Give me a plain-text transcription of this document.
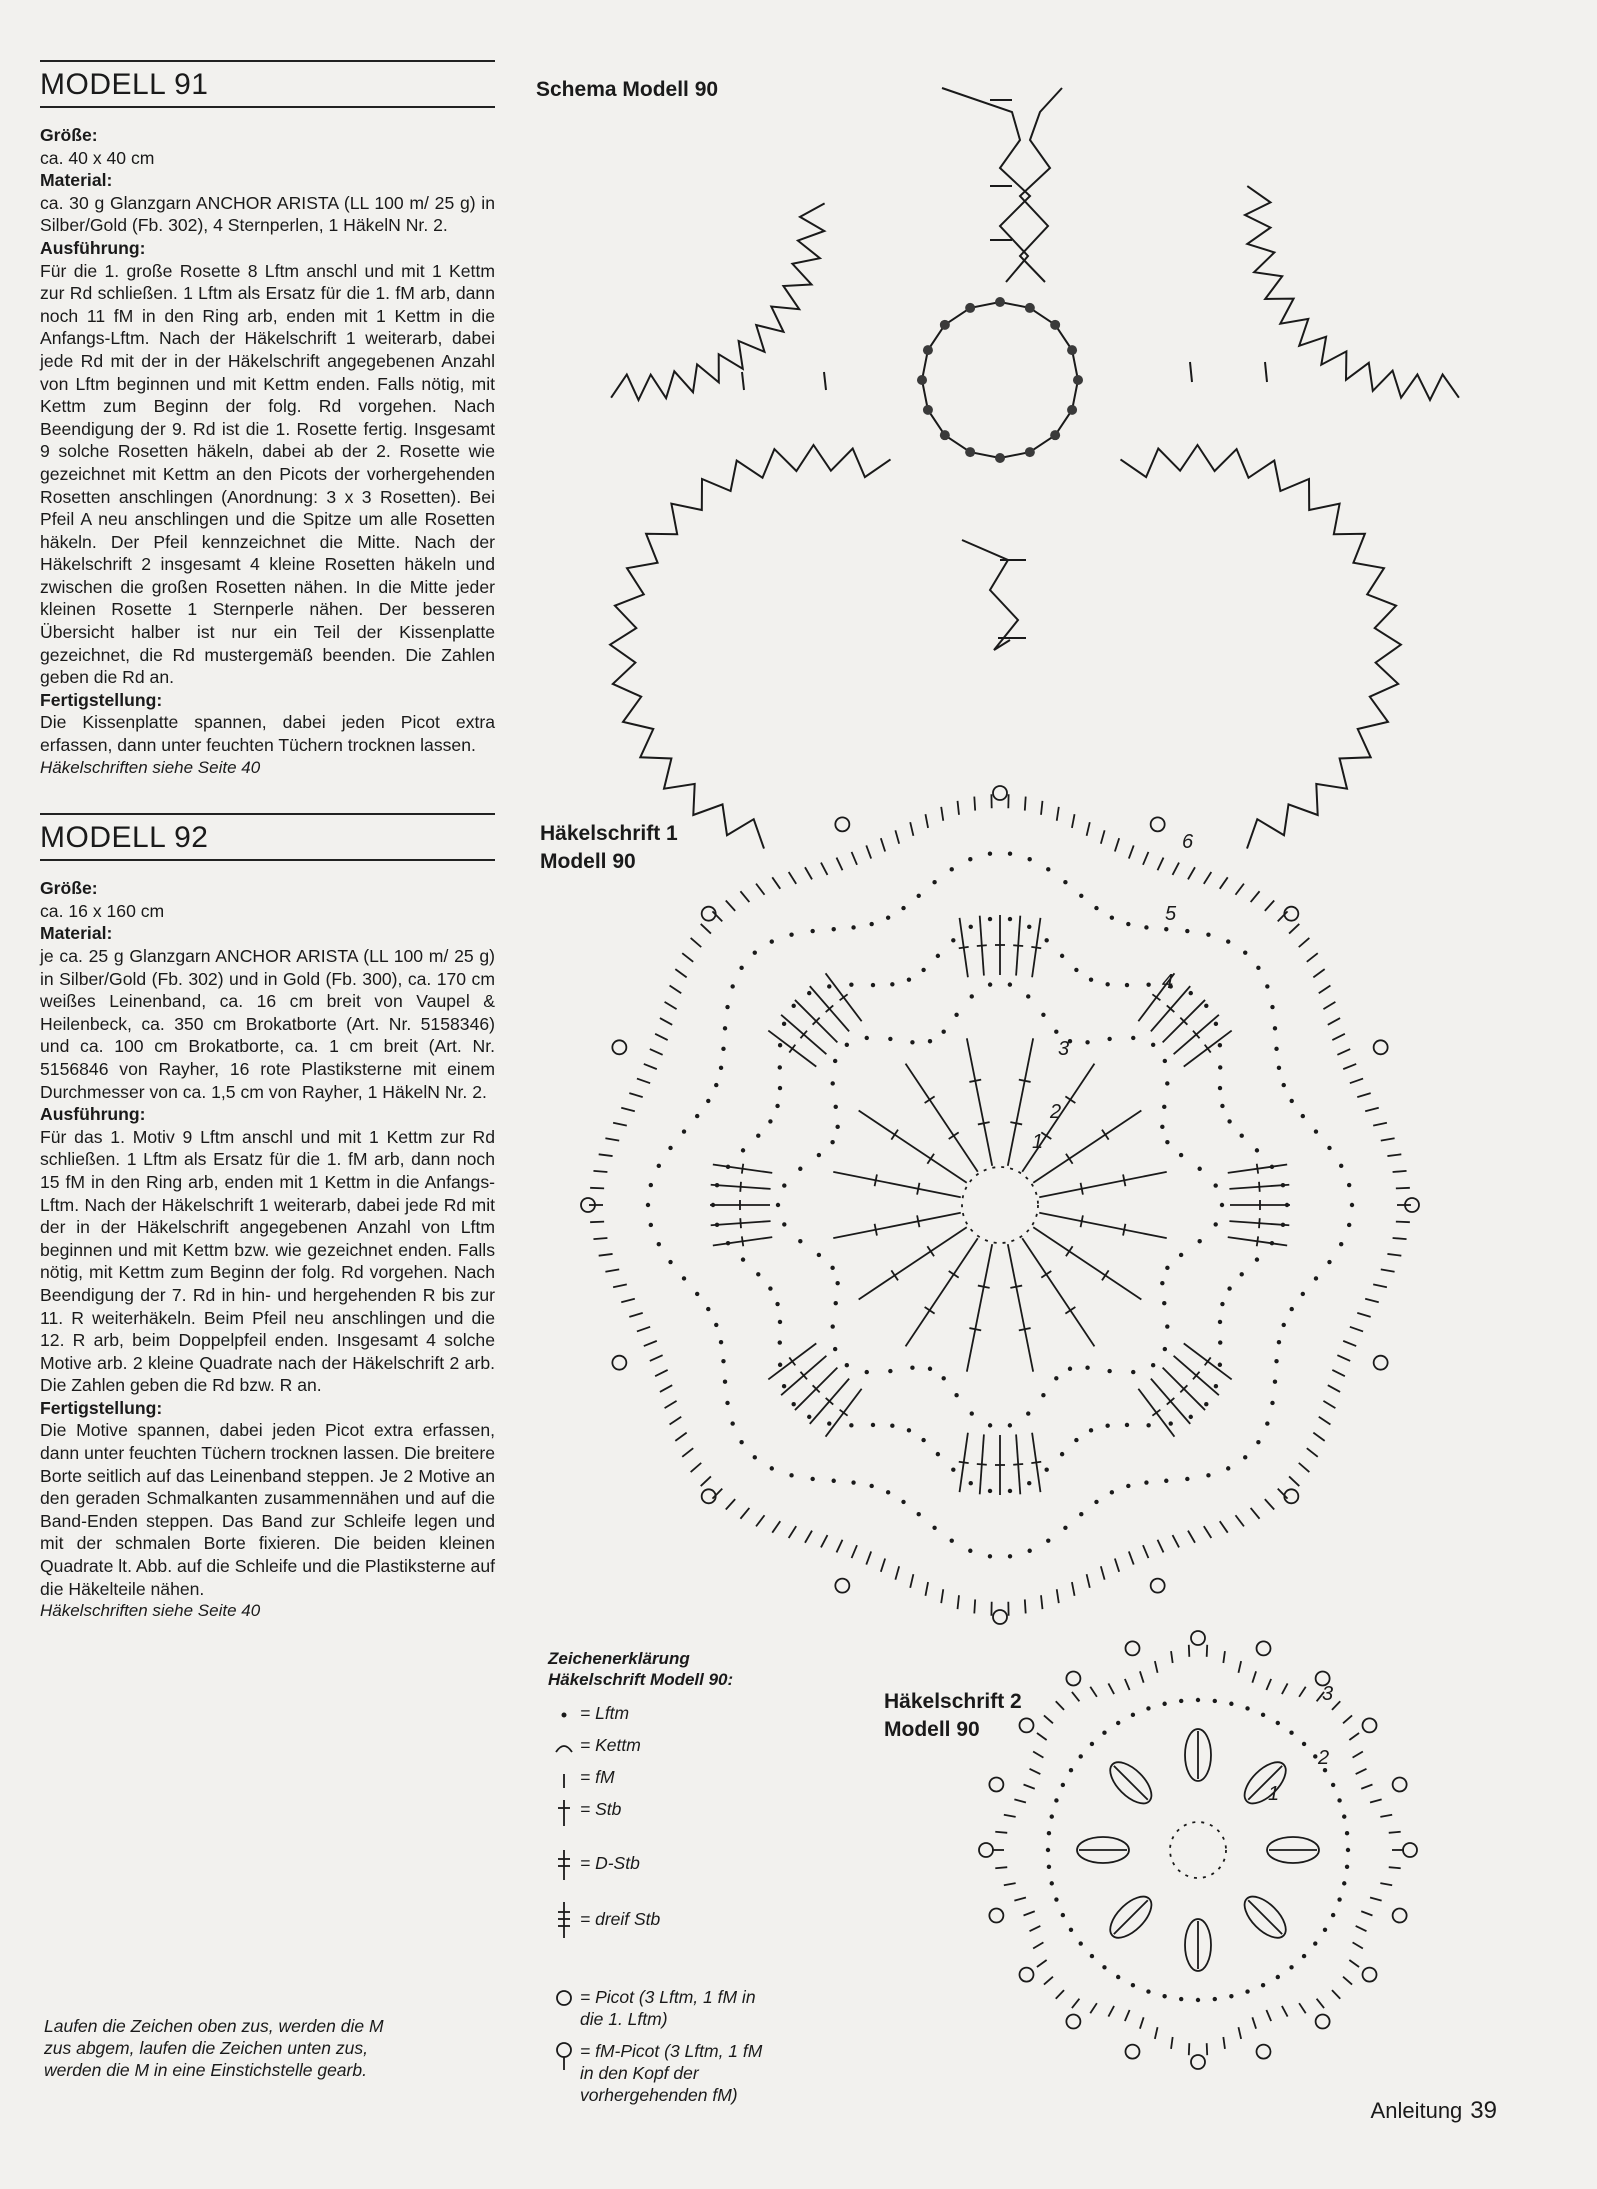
MODELL 91

Größe:

ca. 40 x 40 cm

Material:

ca. 30 g Glanzgarn ANCHOR ARISTA (LL 100 m/ 25 g) in Silber/Gold (Fb. 302), 4 Sternperlen, 1 HäkelN Nr. 2.

Ausführung:

Für die 1. große Rosette 8 Lftm anschl und mit 1 Kettm zur Rd schließen. 1 Lftm als Ersatz für die 1. fM arb, dann noch 11 fM in den Ring arb, enden mit 1 Kettm in die Anfangs-Lftm. Nach der Häkelschrift 1 weiterarb, dabei jede Rd mit der in der Häkelschrift angegebenen Anzahl von Lftm beginnen und mit Kettm enden. Falls nötig, mit Kettm zum Beginn der folg. Rd vorgehen. Nach Beendigung der 9. Rd ist die 1. Rosette fertig. Insgesamt 9 solche Rosetten häkeln, dabei ab der 2. Rosette wie gezeichnet mit Kettm an den Picots der vorhergehenden Rosetten anschlingen (Anordnung: 3 x 3 Rosetten). Bei Pfeil A neu anschlingen und die Spitze um alle Rosetten häkeln. Der Pfeil kennzeichnet die Mitte. Nach der Häkelschrift 2 insgesamt 4 kleine Rosetten häkeln und zwischen die großen Rosetten nähen. In die Mitte jeder kleinen Rosette 1 Sternperle nähen. Der besseren Übersicht halber ist nur ein Teil der Kissenplatte gezeichnet, die Rd mustergemäß beenden. Die Zahlen geben die Rd an.

Fertigstellung:

Die Kissenplatte spannen, dabei jeden Picot extra erfassen, dann unter feuchten Tüchern trocknen lassen.

Häkelschriften siehe Seite 40

MODELL 92

Größe:

ca. 16 x 160 cm

Material:

je ca. 25 g Glanzgarn ANCHOR ARISTA (LL 100 m/ 25 g) in Silber/Gold (Fb. 302) und in Gold (Fb. 300), ca. 170 cm weißes Leinenband, ca. 16 cm breit von Vaupel & Heilenbeck, ca. 350 cm Brokatborte (Art. Nr. 5158346) und ca. 100 cm Brokatborte, ca. 1 cm breit (Art. Nr. 5156846 von Rayher, 16 rote Plastiksterne mit einem Durchmesser von ca. 1,5 cm von Rayher, 1 HäkelN Nr. 2.

Ausführung:

Für das 1. Motiv 9 Lftm anschl und mit 1 Kettm zur Rd schließen. 1 Lftm als Ersatz für die 1. fM arb, dann noch 15 fM in den Ring arb, enden mit 1 Kettm in die Anfangs-Lftm. Nach der Häkelschrift 1 weiterarb, dabei jede Rd mit der in der Häkelschrift angegebenen Anzahl von Lftm beginnen und mit Kettm bzw. wie gezeichnet enden. Falls nötig, mit Kettm zum Beginn der folg. Rd vorgehen. Nach Beendigung der 7. Rd in hin- und hergehenden R bis zur 11. R weiterhäkeln. Beim Pfeil neu anschlingen und die 12. R arb, beim Doppelpfeil enden. Insgesamt 4 solche Motive arb. 2 kleine Quadrate nach der Häkelschrift 2 arb. Die Zahlen geben die Rd bzw. R an.

Fertigstellung:

Die Motive spannen, dabei jeden Picot extra erfassen, dann unter feuchten Tüchern trocknen lassen. Die breitere Borte seitlich auf das Leinenband steppen. Je 2 Motive an den geraden Schmalkanten zusammennähen und auf die Band-Enden steppen. Das Band zur Schleife legen und mit der schmalen Borte fixieren. Die beiden kleinen Quadrate lt. Abb. auf die Schleife und die Plastiksterne auf die Häkelteile nähen.

Häkelschriften siehe Seite 40

Laufen die Zeichen oben zus, werden die M zus abgem, laufen die Zeichen unten zus, werden die M in eine Einstichstelle gearb.
Schema Modell 90
Häkelschrift 1
Modell 90
Häkelschrift 2
Modell 90
1
2
3
4
5
6
1
2
3
Zeichenerklärung
Häkelschrift Modell 90:
= Lftm
= Kettm
= fM
= Stb
= D-Stb
= dreif Stb
= Picot (3 Lftm, 1 fM in die 1. Lftm)
= fM-Picot (3 Lftm, 1 fM in den Kopf der vorhergehenden fM)
Anleitung 39
